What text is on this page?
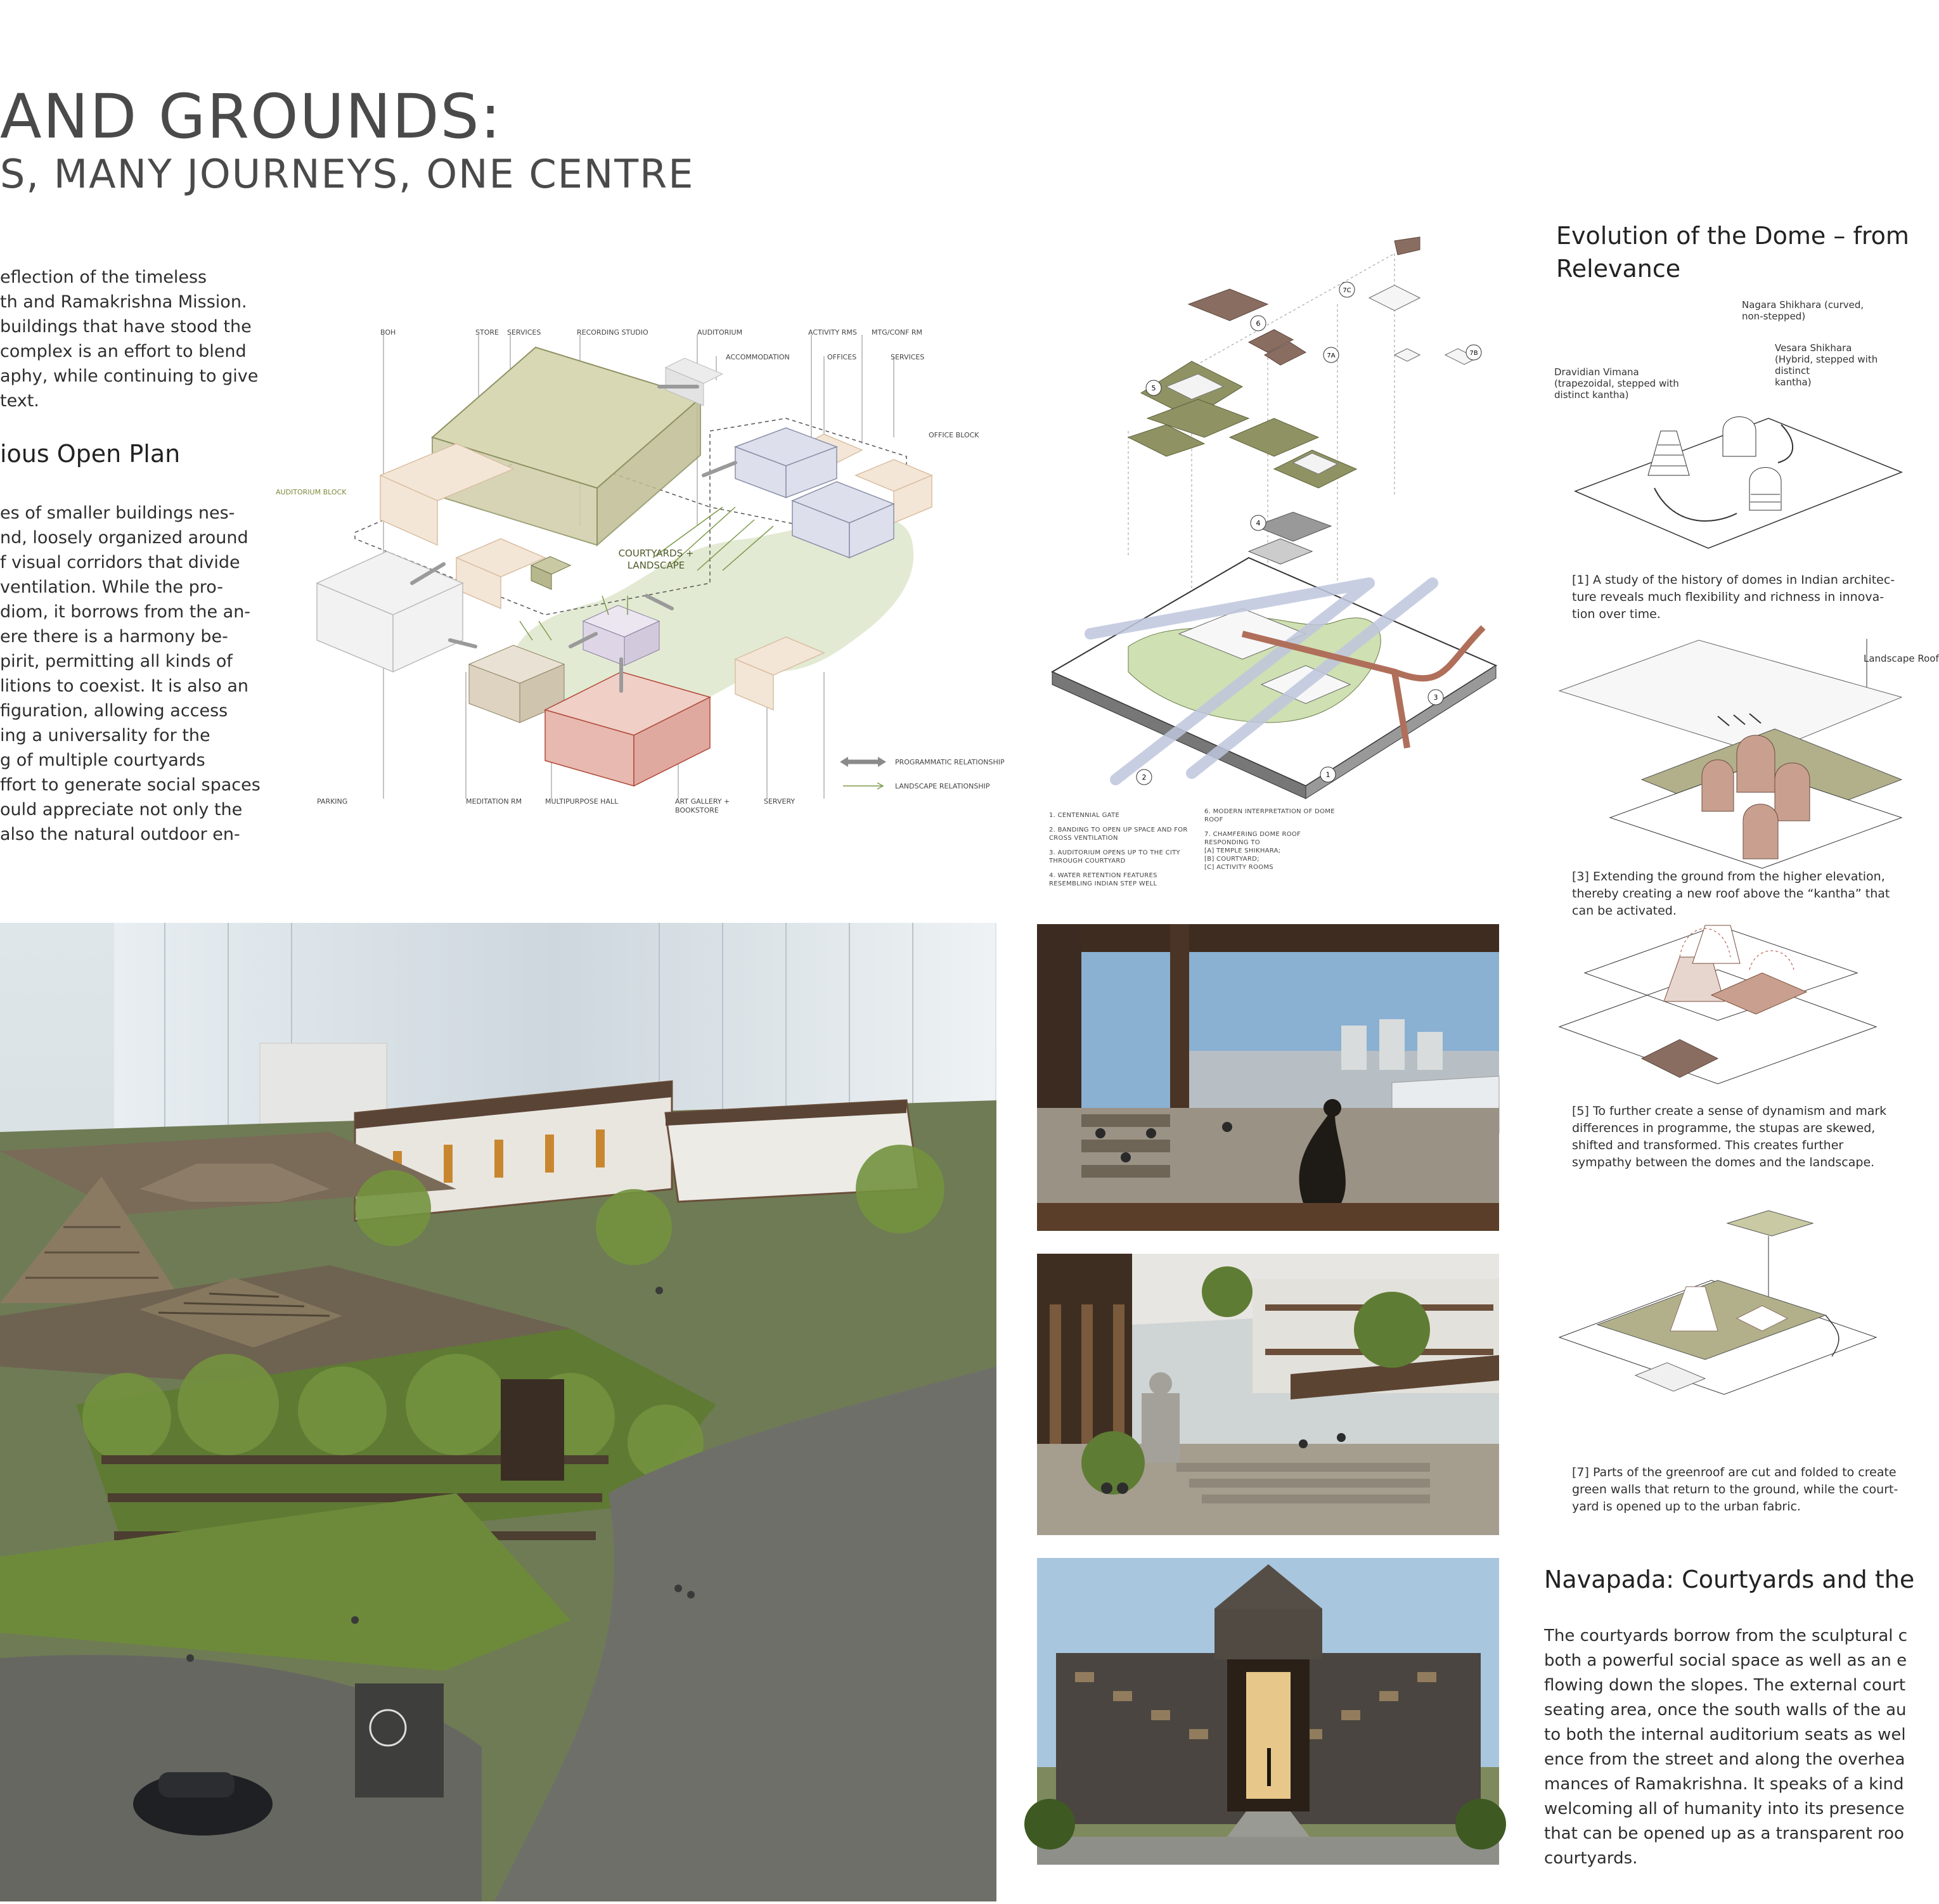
AND GROUNDS:
S, MANY JOURNEYS, ONE CENTRE
eflection of the timeless
th and Ramakrishna Mission.
buildings that have stood the
complex is an effort to blend
aphy, while continuing to give
text.
ious Open Plan
es of smaller buildings nes-
nd, loosely organized around
f visual corridors that divide
ventilation. While the pro-
diom, it borrows from the an-
ere there is a harmony be-
pirit, permitting all kinds of
litions to coexist. It is also an
figuration, allowing access
ing a universality for the
g of multiple courtyards
ffort to generate social spaces
ould appreciate not only the
also the natural outdoor en-
BOH	STORE SERVICES	RECORDING STUDIO	AUDITORIUM	ACTIVITY RMS MTG/CONF RM
ACCOMMODATION	OFFICES	SERVICES
OFFICE BLOCK
AUDITORIUM BLOCK
COURTYARDS +
LANDSCAPE
PARKING	MEDITATION RM	MULTIPURPOSE HALL	ART GALLERY +
BOOKSTORE
SERVERY
PROGRAMMATIC RELATIONSHIP
LANDSCAPE RELATIONSHIP
1
2
3
4
5
6
7A	7B
7C
1. CENTENNIAL GATE
2. BANDING TO OPEN UP SPACE AND FOR
CROSS VENTILATION
3. AUDITORIUM OPENS UP TO THE CITY
THROUGH COURTYARD
4. WATER RETENTION FEATURES
RESEMBLING INDIAN STEP WELL
6. MODERN INTERPRETATION OF DOME
ROOF
7. CHAMFERING DOME ROOF
RESPONDING TO
[A] TEMPLE SHIKHARA;
[B] COURTYARD;
[C] ACTIVITY ROOMS
Evolution of the Dome – from
Relevance
Nagara Shikhara (curved,
non-stepped)
Vesara Shikhara
(Hybrid, stepped with distinct
kantha)
Dravidian Vimana
(trapezoidal, stepped with
distinct kantha)
Landscape Roof
[1] A study of the history of domes in Indian architec-
ture reveals much flexibility and richness in innova-
tion over time.
[3] Extending the ground from the higher elevation,
thereby creating a new roof above the “kantha” that
can be activated.
[5] To further create a sense of dynamism and mark
differences in programme, the stupas are skewed,
shifted and transformed. This creates further
sympathy between the domes and the landscape.
[7] Parts of the greenroof are cut and folded to create
green walls that return to the ground, while the court-
yard is opened up to the urban fabric.
Navapada: Courtyards and the
The courtyards borrow from the sculptural c
both a powerful social space as well as an e
flowing down the slopes. The external court
seating area, once the south walls of the au
to both the internal auditorium seats as wel
ence from the street and along the overhea
mances of Ramakrishna. It speaks of a kind
welcoming all of humanity into its presence
that can be opened up as a transparent roo
courtyards.
